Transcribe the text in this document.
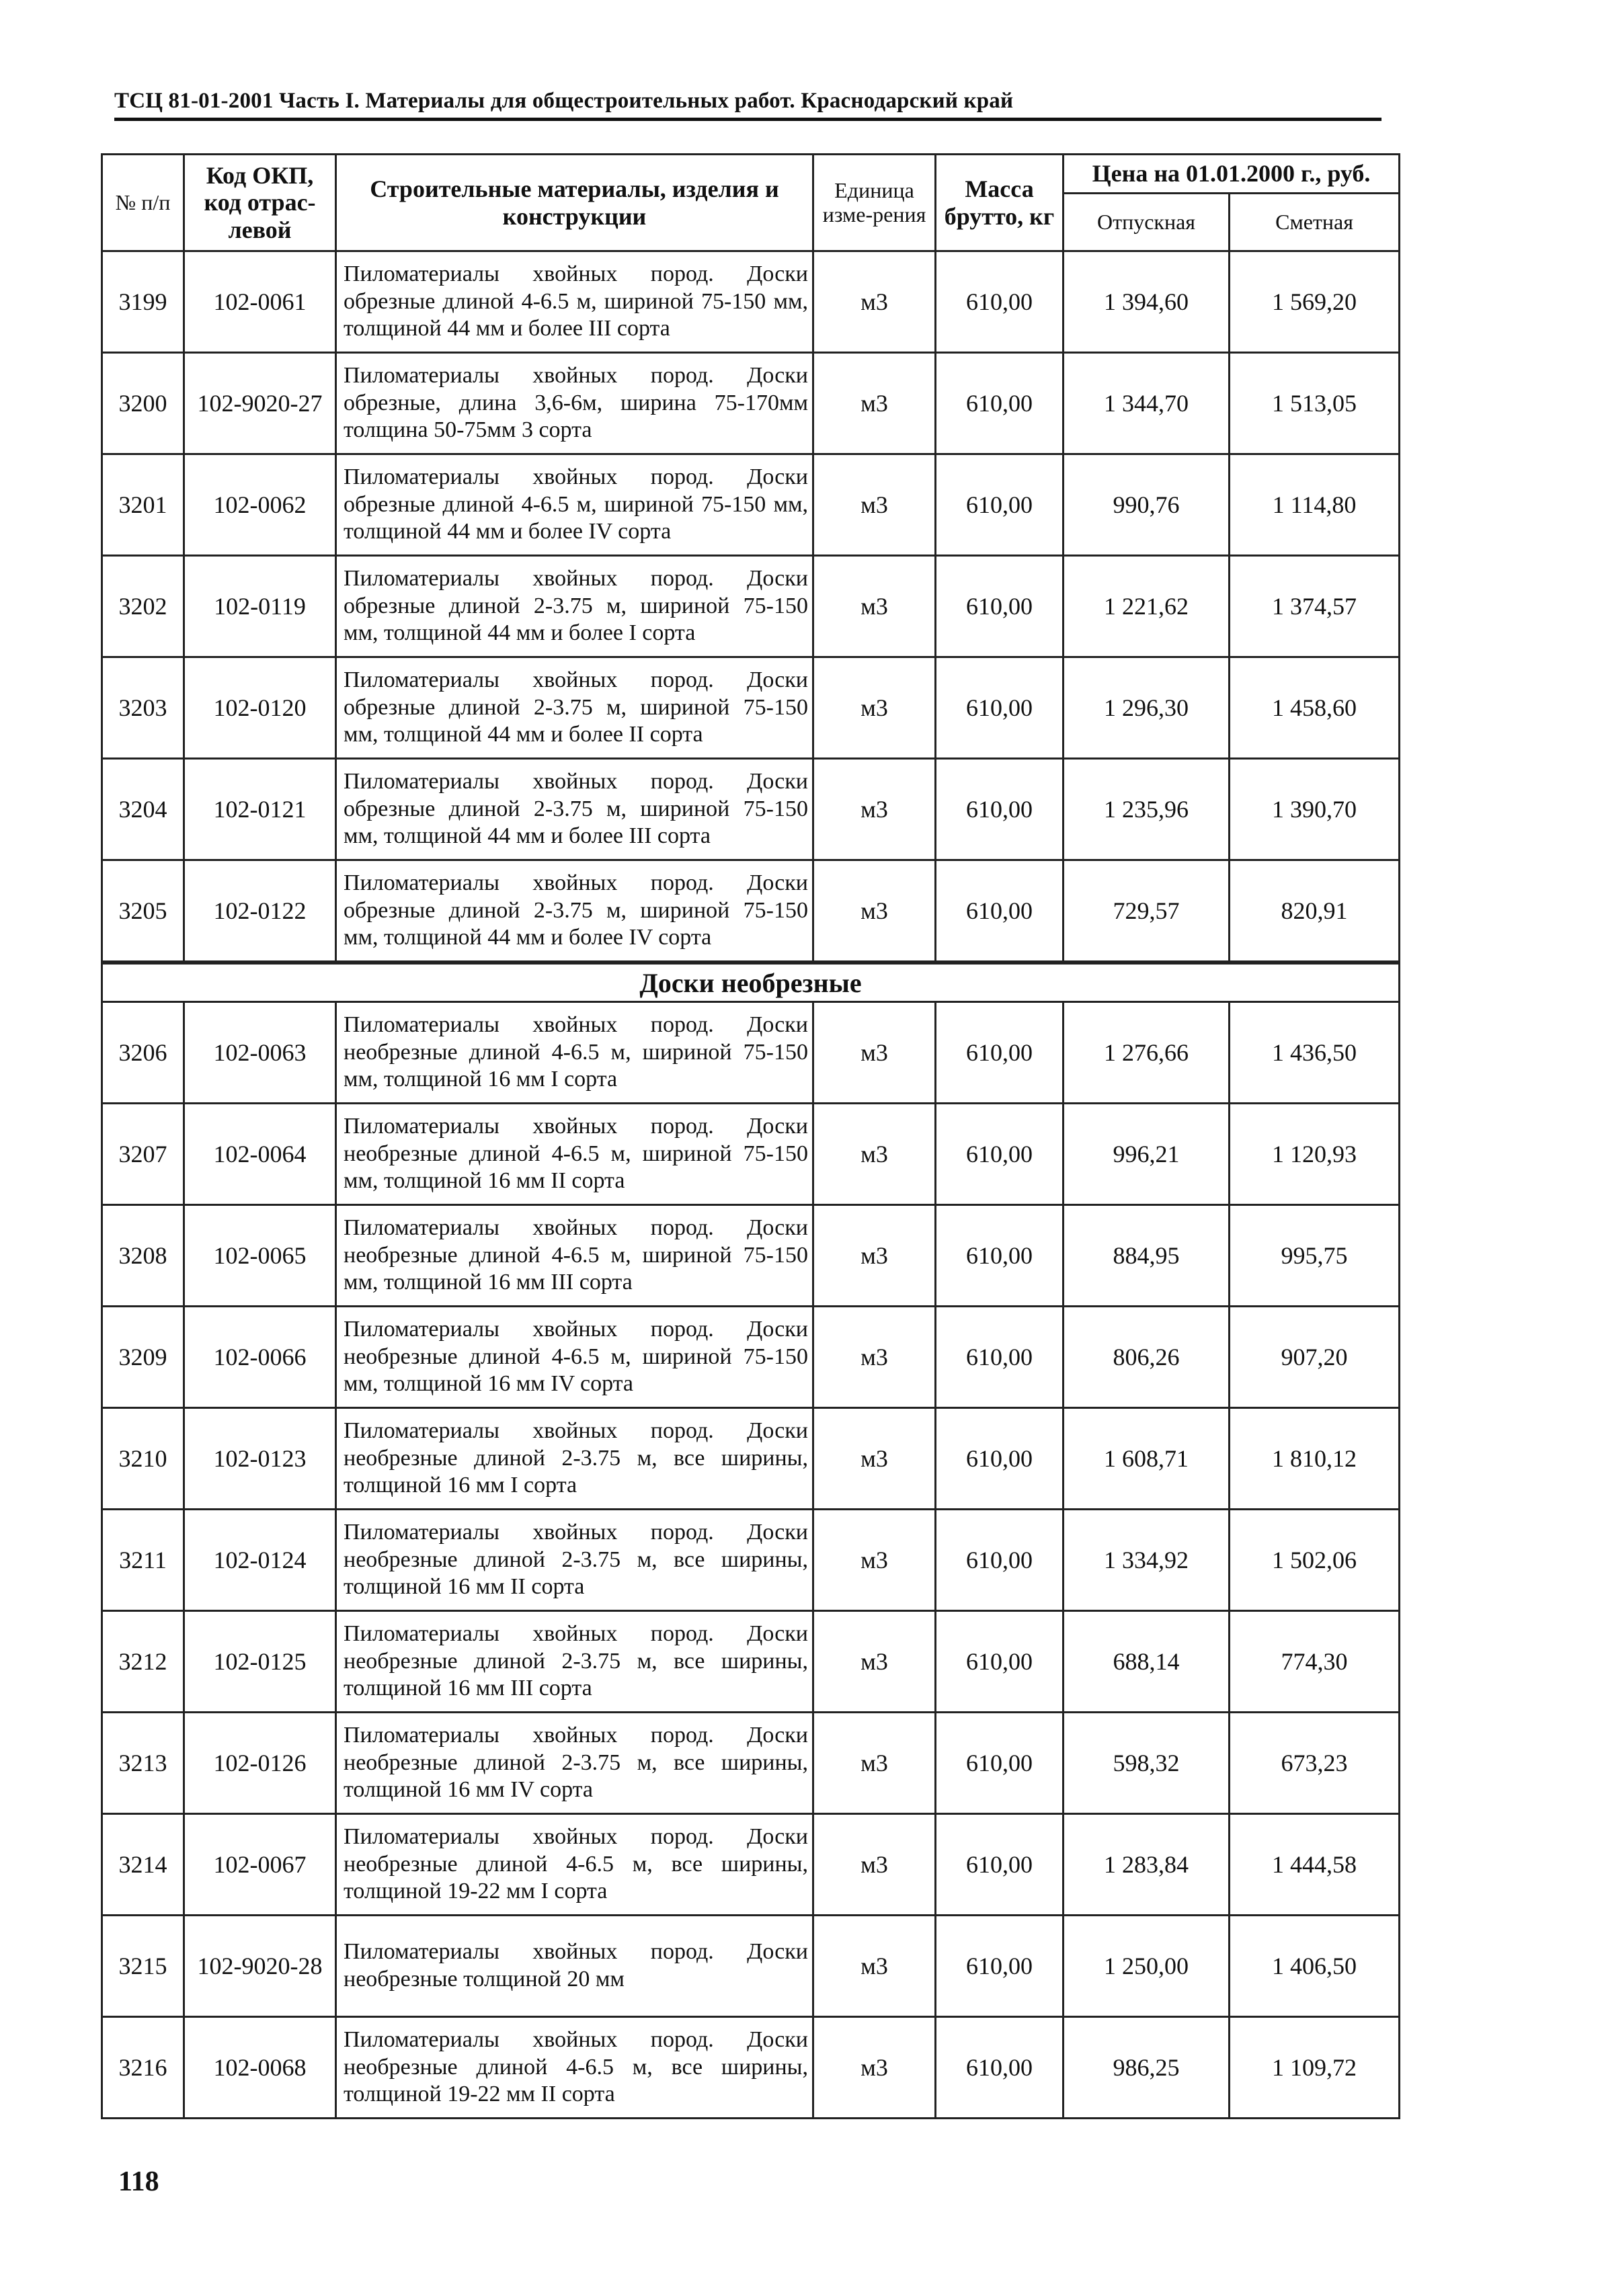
ТСЦ 81-01-2001 Часть I. Материалы для общестроительных работ. Краснодарский край
№ п/п	Код ОКП, код отрас-левой	Строительные материалы, изделия и конструкции	Единица изме-рения	Масса брутто, кг	Цена на 01.01.2000 г., руб.	
					Отпускная	Сметная
3199	102-0061	Пиломатериалы хвойных пород. Доски обрезные длиной 4-6.5 м, шириной 75-150 мм, толщиной 44 мм и более III сорта	м3	610,00	1 394,60	1 569,20
3200	102-9020-27	Пиломатериалы хвойных пород. Доски обрезные, длина 3,6-6м, ширина 75-170мм толщина 50-75мм 3 сорта	м3	610,00	1 344,70	1 513,05
3201	102-0062	Пиломатериалы хвойных пород. Доски обрезные длиной 4-6.5 м, шириной 75-150 мм, толщиной 44 мм и более IV сорта	м3	610,00	990,76	1 114,80
3202	102-0119	Пиломатериалы хвойных пород. Доски обрезные длиной 2-3.75 м, шириной 75-150 мм, толщиной 44 мм и более I сорта	м3	610,00	1 221,62	1 374,57
3203	102-0120	Пиломатериалы хвойных пород. Доски обрезные длиной 2-3.75 м, шириной 75-150 мм, толщиной 44 мм и более II сорта	м3	610,00	1 296,30	1 458,60
3204	102-0121	Пиломатериалы хвойных пород. Доски обрезные длиной 2-3.75 м, шириной 75-150 мм, толщиной 44 мм и более III сорта	м3	610,00	1 235,96	1 390,70
3205	102-0122	Пиломатериалы хвойных пород. Доски обрезные длиной 2-3.75 м, шириной 75-150 мм, толщиной 44 мм и более IV сорта	м3	610,00	729,57	820,91
Доски необрезные						
3206	102-0063	Пиломатериалы хвойных пород. Доски необрезные длиной 4-6.5 м, шириной 75-150 мм, толщиной 16 мм I сорта	м3	610,00	1 276,66	1 436,50
3207	102-0064	Пиломатериалы хвойных пород. Доски необрезные длиной 4-6.5 м, шириной 75-150 мм, толщиной 16 мм II сорта	м3	610,00	996,21	1 120,93
3208	102-0065	Пиломатериалы хвойных пород. Доски необрезные длиной 4-6.5 м, шириной 75-150 мм, толщиной 16 мм III сорта	м3	610,00	884,95	995,75
3209	102-0066	Пиломатериалы хвойных пород. Доски необрезные длиной 4-6.5 м, шириной 75-150 мм, толщиной 16 мм IV сорта	м3	610,00	806,26	907,20
3210	102-0123	Пиломатериалы хвойных пород. Доски необрезные длиной 2-3.75 м, все ширины, толщиной 16 мм I сорта	м3	610,00	1 608,71	1 810,12
3211	102-0124	Пиломатериалы хвойных пород. Доски необрезные длиной 2-3.75 м, все ширины, толщиной 16 мм II сорта	м3	610,00	1 334,92	1 502,06
3212	102-0125	Пиломатериалы хвойных пород. Доски необрезные длиной 2-3.75 м, все ширины, толщиной 16 мм III сорта	м3	610,00	688,14	774,30
3213	102-0126	Пиломатериалы хвойных пород. Доски необрезные длиной 2-3.75 м, все ширины, толщиной 16 мм IV сорта	м3	610,00	598,32	673,23
3214	102-0067	Пиломатериалы хвойных пород. Доски необрезные длиной 4-6.5 м, все ширины, толщиной 19-22 мм I сорта	м3	610,00	1 283,84	1 444,58
3215	102-9020-28	Пиломатериалы хвойных пород. Доски необрезные толщиной 20 мм	м3	610,00	1 250,00	1 406,50
3216	102-0068	Пиломатериалы хвойных пород. Доски необрезные длиной 4-6.5 м, все ширины, толщиной 19-22 мм II сорта	м3	610,00	986,25	1 109,72
118
